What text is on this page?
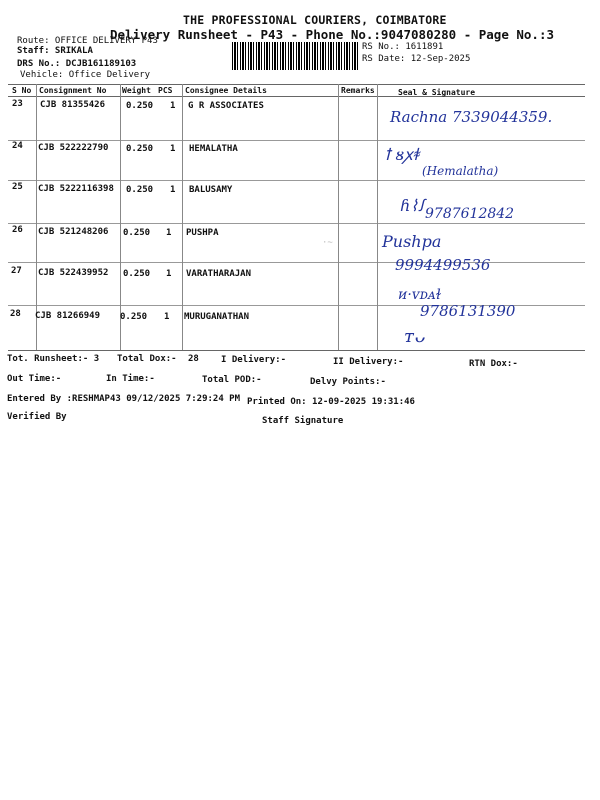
THE PROFESSIONAL COURIERS, COIMBATORE
Delivery Runsheet - P43 - Phone No.:9047080280 - Page No.:3
Route: OFFICE DELIVERY P43
Staff: SRIKALA
DRS No.: DCJB161189103
Vehicle: Office Delivery
RS No.: 1611891
RS Date: 12-Sep-2025
S No Consignment No Weight PCS Consignee Details	Remarks	Seal & Signature
23 CJB 81355426 0.250 1 G R ASSOCIATES
Rachna 7339044359.
24 CJB 522222790 0.250 1 HEMALATHA	ꝉ ᴕꭗꬸ
(Hemalatha)
25 CJB 5222116398 0.250 1 BALUSAMY
ɦ⌇ꭍ 9787612842
26 CJB 521248206 0.250 1 PUSHPA
·~	Pushpa
27 CJB 522439952 0.250 1 VARATHARAJAN	9994499536
28 CJB 81266949 0.250 1 MURUGANATHAN
ᴎ·ᴠᴅᴀɫ
9786131390
ᴛᴗ
Tot. Runsheet:- 3 Total Dox:- 28 I Delivery:-	II Delivery:-	RTN Dox:-
Out Time:-	In Time:-	Total POD:-	Delvy Points:-
Entered By :RESHMAP43 09/12/2025 7:29:24 PM Printed On: 12-09-2025 19:31:46
Verified By	Staff Signature
